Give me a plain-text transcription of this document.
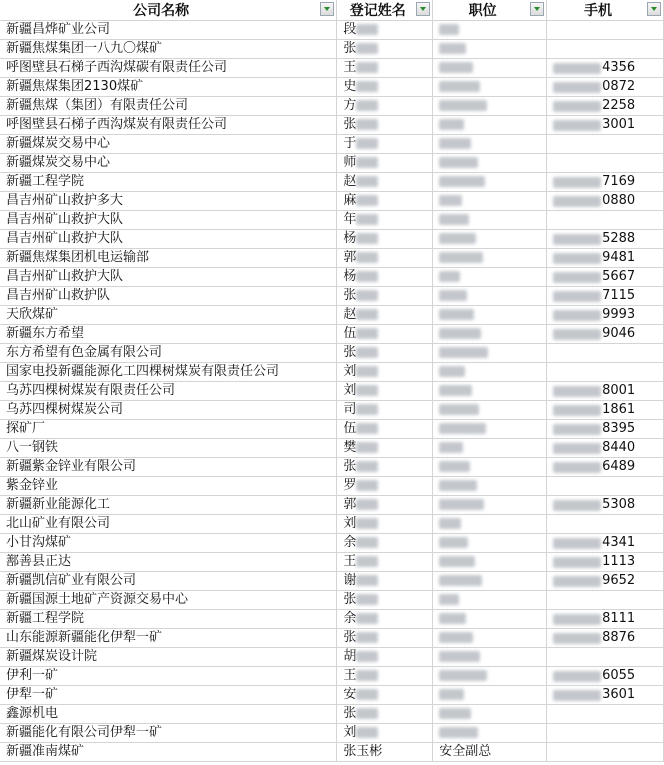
公司名称	登记姓名	职位	手机

新疆昌烨矿业公司	段		
新疆焦煤集团一八九〇煤矿	张		
呼图壁县石梯子西沟煤碳有限责任公司	王		4356

新疆焦煤集团2130煤矿	史		0872

新疆焦煤（集团）有限责任公司	方		2258

呼图壁县石梯子西沟煤炭有限责任公司	张		3001

新疆煤炭交易中心	于		
新疆煤炭交易中心	师		
新疆工程学院	赵		7169

昌吉州矿山救护多大	麻		0880

昌吉州矿山救护大队	年		
昌吉州矿山救护大队	杨		5288

新疆焦煤集团机电运输部	郭		9481

昌吉州矿山救护大队	杨		5667

昌吉州矿山救护队	张		7115

天欣煤矿	赵		9993

新疆东方希望	伍		9046

东方希望有色金属有限公司	张		
国家电投新疆能源化工四棵树煤炭有限责任公司	刘		
乌苏四棵树煤炭有限责任公司	刘		8001

乌苏四棵树煤炭公司	司		1861

探矿厂	伍		8395

八一钢铁	樊		8440

新疆紫金锌业有限公司	张		6489

紫金锌业	罗		
新疆新业能源化工	郭		5308

北山矿业有限公司	刘		
小甘沟煤矿	余		4341

鄯善县正达	王		1113

新疆凯信矿业有限公司	谢		9652

新疆国源土地矿产资源交易中心	张		
新疆工程学院	余		8111

山东能源新疆能化伊犁一矿	张		8876

新疆煤炭设计院	胡		
伊利一矿	王		6055

伊犁一矿	安		3601

鑫源机电	张		
新疆能化有限公司伊犁一矿	刘		
新疆准南煤矿	张玉彬	安全副总	
